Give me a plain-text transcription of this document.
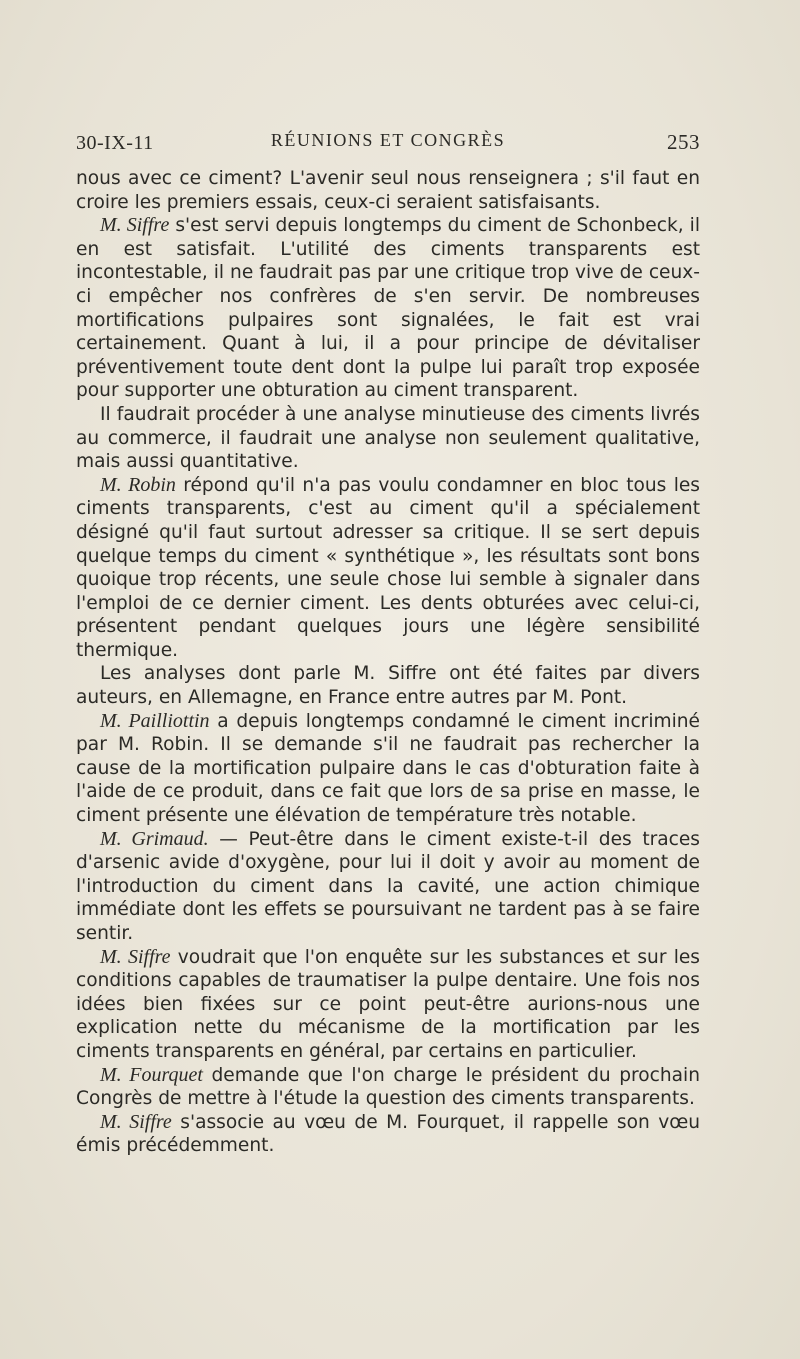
30-IX-11	RÉUNIONS ET CONGRÈS	253

nous avec ce ciment? L'avenir seul nous renseignera ; s'il faut en croire les premiers essais, ceux-ci seraient satisfaisants.

M. Siffre s'est servi depuis longtemps du ciment de Schonbeck, il en est satisfait. L'utilité des ciments transparents est incontestable, il ne faudrait pas par une critique trop vive de ceux-ci empêcher nos confrères de s'en servir. De nombreuses mortifications pulpaires sont signalées, le fait est vrai certainement. Quant à lui, il a pour principe de dévitaliser préventivement toute dent dont la pulpe lui paraît trop exposée pour supporter une obturation au ciment transparent.

Il faudrait procéder à une analyse minutieuse des ciments livrés au commerce, il faudrait une analyse non seulement qualitative, mais aussi quantitative.

M. Robin répond qu'il n'a pas voulu condamner en bloc tous les ciments transparents, c'est au ciment qu'il a spécialement désigné qu'il faut surtout adresser sa critique. Il se sert depuis quelque temps du ciment « synthétique », les résultats sont bons quoique trop récents, une seule chose lui semble à signaler dans l'emploi de ce dernier ciment. Les dents obturées avec celui-ci, présentent pendant quelques jours une légère sensibilité thermique.

Les analyses dont parle M. Siffre ont été faites par divers auteurs, en Allemagne, en France entre autres par M. Pont.

M. Pailliottin a depuis longtemps condamné le ciment incriminé par M. Robin. Il se demande s'il ne faudrait pas rechercher la cause de la mortification pulpaire dans le cas d'obturation faite à l'aide de ce produit, dans ce fait que lors de sa prise en masse, le ciment présente une élévation de température très notable.

M. Grimaud. — Peut-être dans le ciment existe-t-il des traces d'arsenic avide d'oxygène, pour lui il doit y avoir au moment de l'introduction du ciment dans la cavité, une action chimique immédiate dont les effets se poursuivant ne tardent pas à se faire sentir.

M. Siffre voudrait que l'on enquête sur les substances et sur les conditions capables de traumatiser la pulpe dentaire. Une fois nos idées bien fixées sur ce point peut-être aurions-nous une explication nette du mécanisme de la mortification par les ciments transparents en général, par certains en particulier.

M. Fourquet demande que l'on charge le président du prochain Congrès de mettre à l'étude la question des ciments transparents.

M. Siffre s'associe au vœu de M. Fourquet, il rappelle son vœu émis précédemment.
